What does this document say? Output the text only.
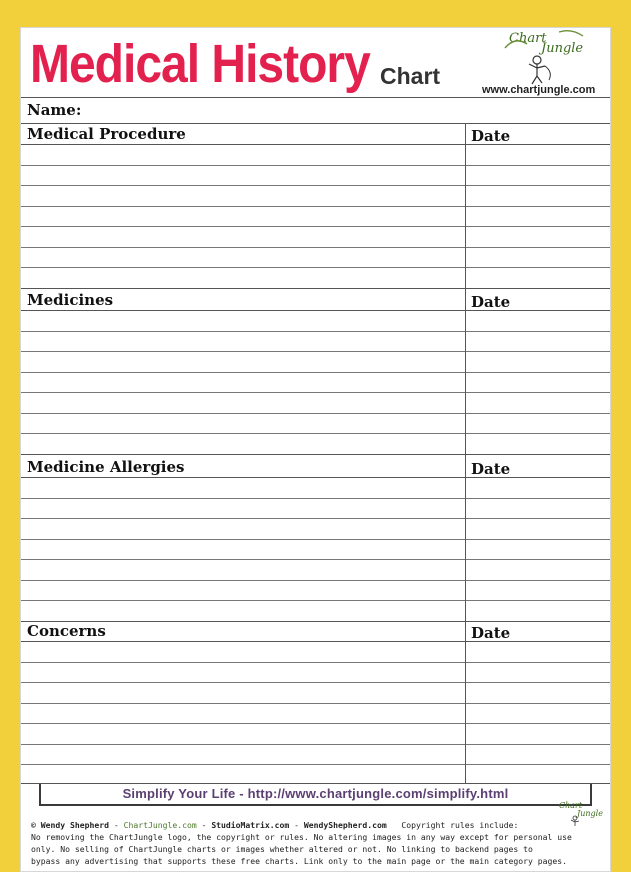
Medical History Chart
Chart
Jungle
www.chartjungle.com
Name:
Medical Procedure	Date
Medicines	Date
Medicine Allergies	Date
Concerns	Date
Simplify Your Life - http://www.chartjungle.com/simplify.html
Chart
Jungle
© Wendy Shepherd - ChartJungle.com - StudioMatrix.com - WendyShepherd.com Copyright rules include:
No removing the ChartJungle logo, the copyright or rules. No altering images in any way except for personal use
only. No selling of ChartJungle charts or images whether altered or not. No linking to backend pages to
bypass any advertising that supports these free charts. Link only to the main page or the main category pages.
